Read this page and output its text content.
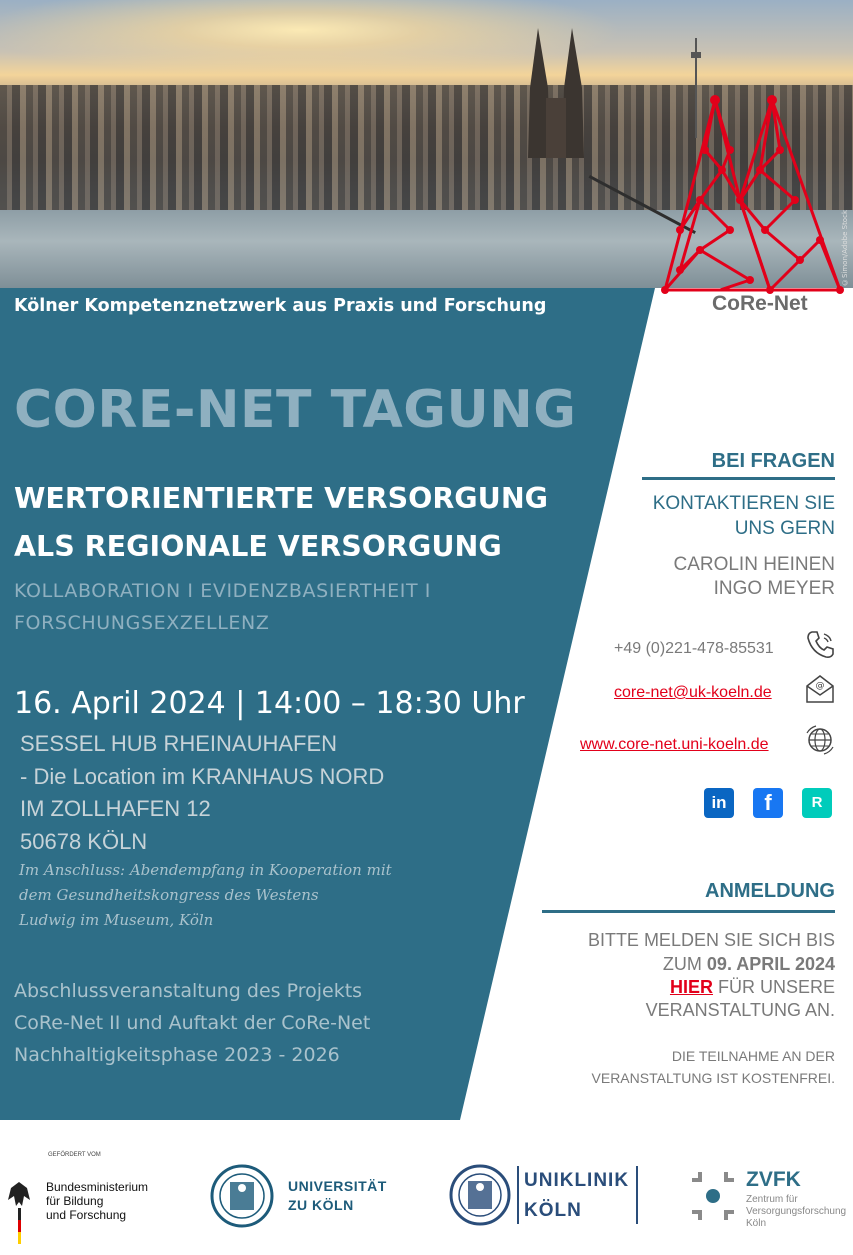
©Simon/Adobe Stock
CoRe-Net
Kölner Kompetenznetzwerk aus Praxis und Forschung
CORE-NET TAGUNG
WERTORIENTIERTE VERSORGUNG
ALS REGIONALE VERSORGUNG
KOLLABORATION I EVIDENZBASIERTHEIT I
FORSCHUNGSEXZELLENZ
16. April 2024 | 14:00 – 18:30 Uhr
SESSEL HUB RHEINAUHAFEN
- Die Location im KRANHAUS NORD
IM ZOLLHAFEN 12
50678 KÖLN
Im Anschluss: Abendempfang in Kooperation mit
dem Gesundheitskongress des Westens
Ludwig im Museum, Köln
Abschlussveranstaltung des Projekts
CoRe-Net II und Auftakt der CoRe-Net
Nachhaltigkeitsphase 2023 - 2026
BEI FRAGEN
KONTAKTIEREN SIE
UNS GERN
CAROLIN HEINEN
INGO MEYER
+49 (0)221-478-85531
core-net@uk-koeln.de	@
www.core-net.uni-koeln.de
in	f	R
ANMELDUNG
BITTE MELDEN SIE SICH BIS
ZUM 09. APRIL 2024
HIER FÜR UNSERE
VERANSTALTUNG AN.
DIE TEILNAHME AN DER
VERANSTALTUNG IST KOSTENFREI.
GEFÖRDERT VOM
Bundesministerium
für Bildung
und Forschung
UNIVERSITÄT
ZU KÖLN
UNIKLINIK
KÖLN
ZVFK
Zentrum für
Versorgungsforschung
Köln
